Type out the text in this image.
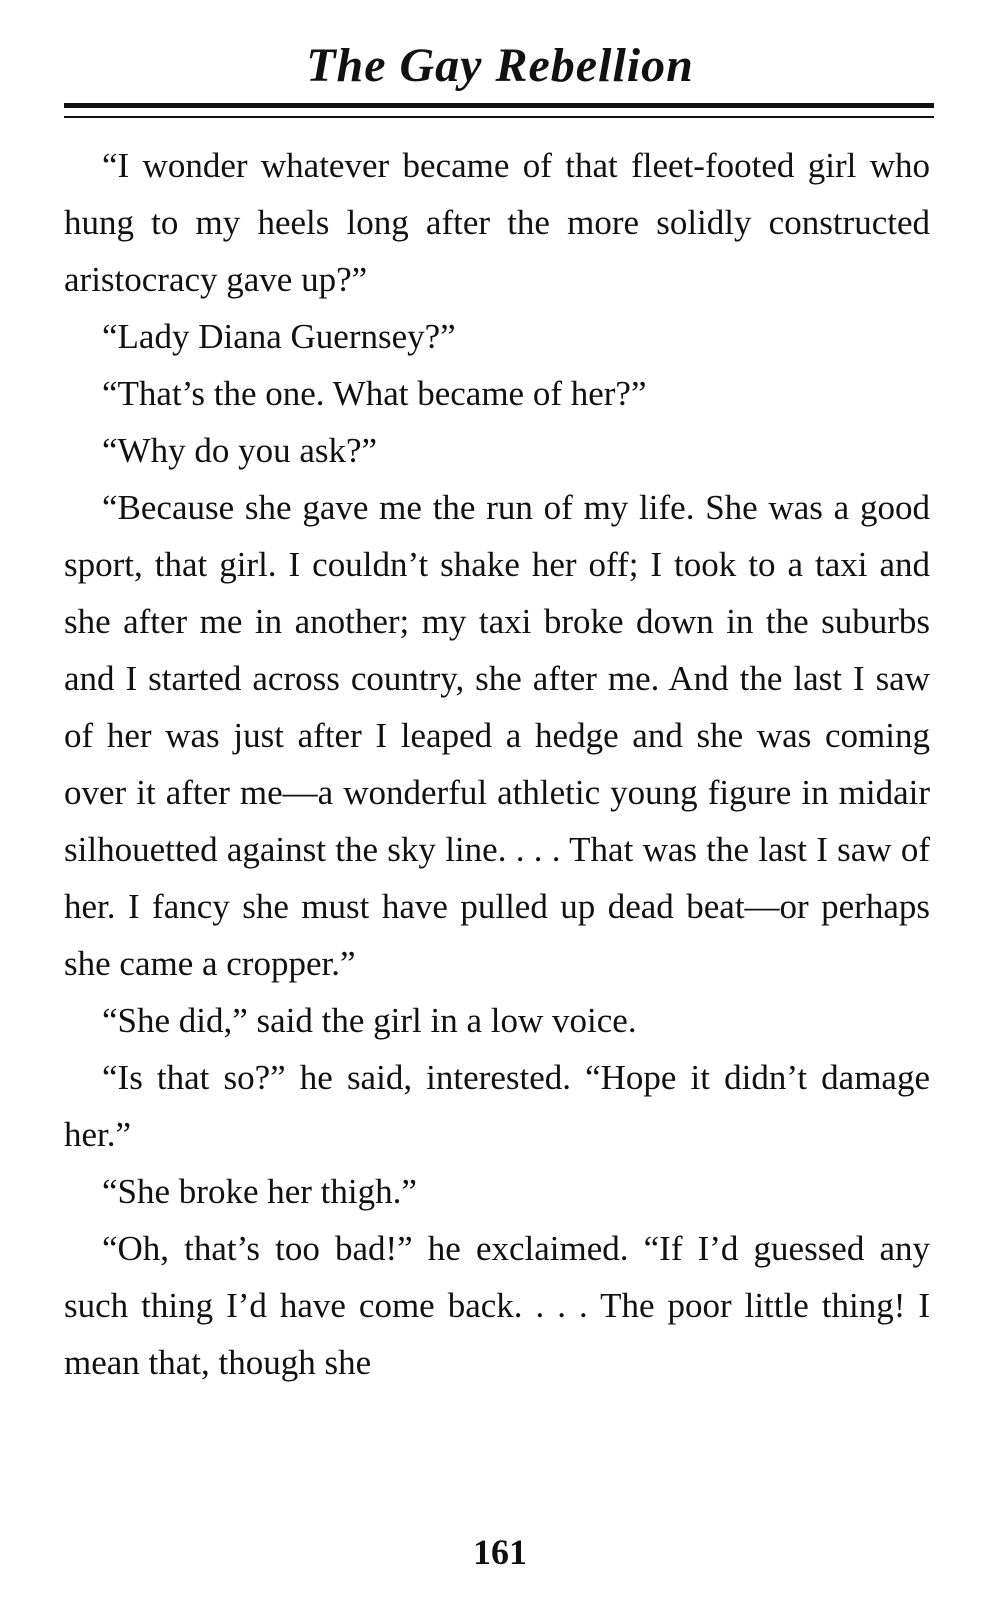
The Gay Rebellion

“I wonder whatever became of that fleet-footed girl who hung to my heels long after the more solidly constructed aristocracy gave up?”

“Lady Diana Guernsey?”

“That’s the one. What became of her?”

“Why do you ask?”

“Because she gave me the run of my life. She was a good sport, that girl. I couldn’t shake her off; I took to a taxi and she after me in another; my taxi broke down in the suburbs and I started across country, she after me. And the last I saw of her was just after I leaped a hedge and she was coming over it after me—a wonderful athletic young figure in midair silhouetted against the sky line. . . . That was the last I saw of her. I fancy she must have pulled up dead beat—or perhaps she came a cropper.”

“She did,” said the girl in a low voice.

“Is that so?” he said, interested. “Hope it didn’t damage her.”

“She broke her thigh.”

“Oh, that’s too bad!” he exclaimed. “If I’d guessed any such thing I’d have come back. . . . The poor little thing! I mean that, though she

161
